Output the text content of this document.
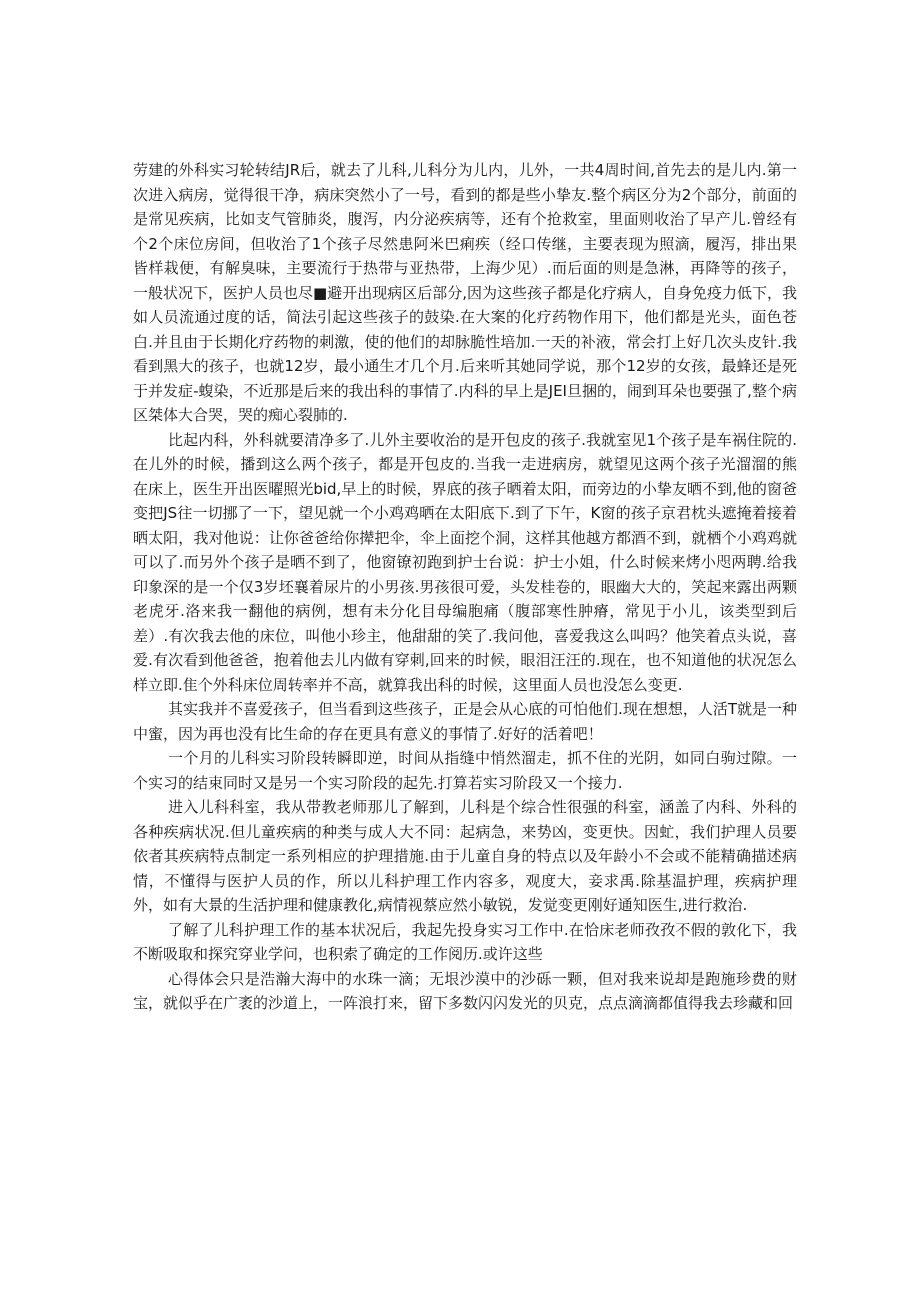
劳建的外科实习轮转结JR后，就去了儿科,儿科分为儿内，儿外，一共4周时间,首先去的是儿内.第一次进入病房，觉得很干净，病床突然小了一号，看到的都是些小挚友.整个病区分为2个部分，前面的是常见疾病，比如支气管肺炎，腹泻，内分泌疾病等，还有个抢救室，里面则收治了早产儿.曾经有个2个床位房间，但收治了1个孩子尽然患阿米巴痢疾（经口传继，主要表现为照滴，履泻，排出果皆样栽便，有解臭味，主要流行于热带与亚热带，上海少见）.而后面的则是急淋，再降等的孩子，一般状况下，医护人员也尽■避开出现病区后部分,因为这些孩子都是化疗病人，自身免疫力低下，我如人员流通过度的话，简法引起这些孩子的鼓染.在大案的化疗药物作用下，他们都是光头，面色苍白.并且由于长期化疗药物的刺激，使的他们的却脉脆性培加.一天的补液，常会打上好几次头皮针.我看到黑大的孩子，也就12岁，最小通生才几个月.后来听其她同学说，那个12岁的女孩，最蜂还是死于并发症-蝮染，不近那是后来的我出科的事情了.内科的早上是JEI旦捆的，闹到耳朵也要强了,整个病区桀体大合哭，哭的痴心裂肺的.

比起内科，外科就要清净多了.儿外主要收治的是开包皮的孩子.我就室见1个孩子是车祸住院的.在儿外的时候，播到这么两个孩子，都是开包皮的.当我一走进病房，就望见这两个孩子光溜溜的熊在床上，医生开出医曜照光bid,早上的时候，界底的孩子晒着太阳，而旁边的小挚友晒不到,他的窗爸变把JS往一切挪了一下，望见就一个小鸡鸡晒在太阳底下.到了下午，K窗的孩子京君枕头遮掩着接着晒太阳，我对他说：让你爸爸给你撵把伞，伞上面挖个洞，这样其他越方都酒不到，就栖个小鸡鸡就可以了.而另外个孩子是晒不到了，他窗镣初跑到护士台说：护士小姐，什么时候来烤小咫两聘.给我印象深的是一个仅3岁坯襄着尿片的小男孩.男孩很可爱，头发桂卷的，眼幽大大的，笑起来露出两颗老虎牙.洛来我一翻他的病例，想有未分化目母编胞痛（腹部寒性肿瘠，常见于小儿，该类型到后差）.有次我去他的床位，叫他小珍主，他甜甜的笑了.我问他，喜爱我这么叫吗？他笑着点头说，喜爱.有次看到他爸爸，抱着他去儿内做有穿刺,回来的时候，眼泪汪汪的.现在，也不知道他的状况怎么样立即.隹个外科床位周转率并不高，就算我出科的时候，这里面人员也没怎么变更.

其实我并不喜爱孩子，但当看到这些孩子，正是会从心底的可怕他们.现在想想，人活T就是一种中蜜，因为再也没有比生命的存在更具有意义的事情了.好好的活着吧！

一个月的儿科实习阶段转瞬即逆，时间从指缝中悄然溜走，抓不住的光阴，如同白驹过隙。一个实习的结束同时又是另一个实习阶段的起先.打算若实习阶段又一个接力.

进入儿科科室，我从带教老师那儿了解到，儿科是个综合性很强的科室，涵盖了内科、外科的各种疾病状况.但儿童疾病的种类与成人大不同：起病急，来势凶，变更快。因虻，我们护理人员要依者其疾病特点制定一系列相应的护理措施.由于儿童自身的特点以及年龄小不会或不能精确描述病情，不懂得与医护人员的作，所以儿科护理工作内容多，观度大，妾求禹.除基温护理，疾病护理外，如有大景的生活护理和健康教化,病情视蔡应然小敏锐，发觉变更刚好通知医生,进行救治.

了解了儿科护理工作的基本状况后，我起先投身实习工作中.在恰床老师孜孜不假的敦化下，我不断吸取和探究穿业学问，也积索了确定的工作阅历.或许这些

心得体会只是浩瀚大海中的水珠一滴；无垠沙漠中的沙砾一颗，但对我来说却是跑施珍费的财宝，就似乎在广袤的沙道上，一阵浪打来，留下多数闪闪发光的贝克，点点滴滴都值得我去珍藏和回
